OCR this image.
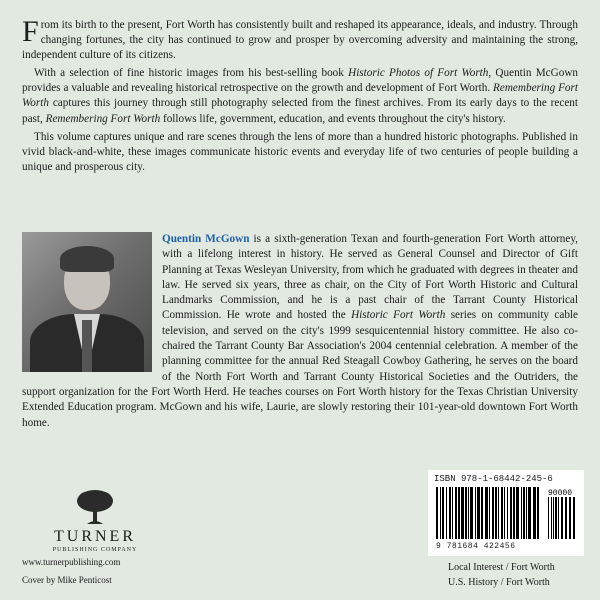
From its birth to the present, Fort Worth has consistently built and reshaped its appearance, ideals, and industry. Through changing fortunes, the city has continued to grow and prosper by overcoming adversity and maintaining the strong, independent culture of its citizens.

With a selection of fine historic images from his best-selling book Historic Photos of Fort Worth, Quentin McGown provides a valuable and revealing historical retrospective on the growth and development of Fort Worth. Remembering Fort Worth captures this journey through still photography selected from the finest archives. From its early days to the recent past, Remembering Fort Worth follows life, government, education, and events throughout the city's history.

This volume captures unique and rare scenes through the lens of more than a hundred historic photographs. Published in vivid black-and-white, these images communicate historic events and everyday life of two centuries of people building a unique and prosperous city.

Quentin McGown is a sixth-generation Texan and fourth-generation Fort Worth attorney, with a lifelong interest in history. He served as General Counsel and Director of Gift Planning at Texas Wesleyan University, from which he graduated with degrees in theater and law. He served six years, three as chair, on the City of Fort Worth Historic and Cultural Landmarks Commission, and he is a past chair of the Tarrant County Historical Commission. He wrote and hosted the Historic Fort Worth series on community cable television, and served on the city's 1999 sesquicentennial history committee. He also co-chaired the Tarrant County Bar Association's 2004 centennial celebration. A member of the planning committee for the annual Red Steagall Cowboy Gathering, he serves on the board of the North Fort Worth and Tarrant County Historical Societies and the Outriders, the support organization for the Fort Worth Herd. He teaches courses on Fort Worth history for the Texas Christian University Extended Education program. McGown and his wife, Laurie, are slowly restoring their 101-year-old downtown Fort Worth home.
TURNER
PUBLISHING COMPANY
www.turnerpublishing.com
Cover by Mike Penticost
ISBN 978-1-68442-245-6
90000
9 781684 422456
Local Interest / Fort Worth
U.S. History / Fort Worth
